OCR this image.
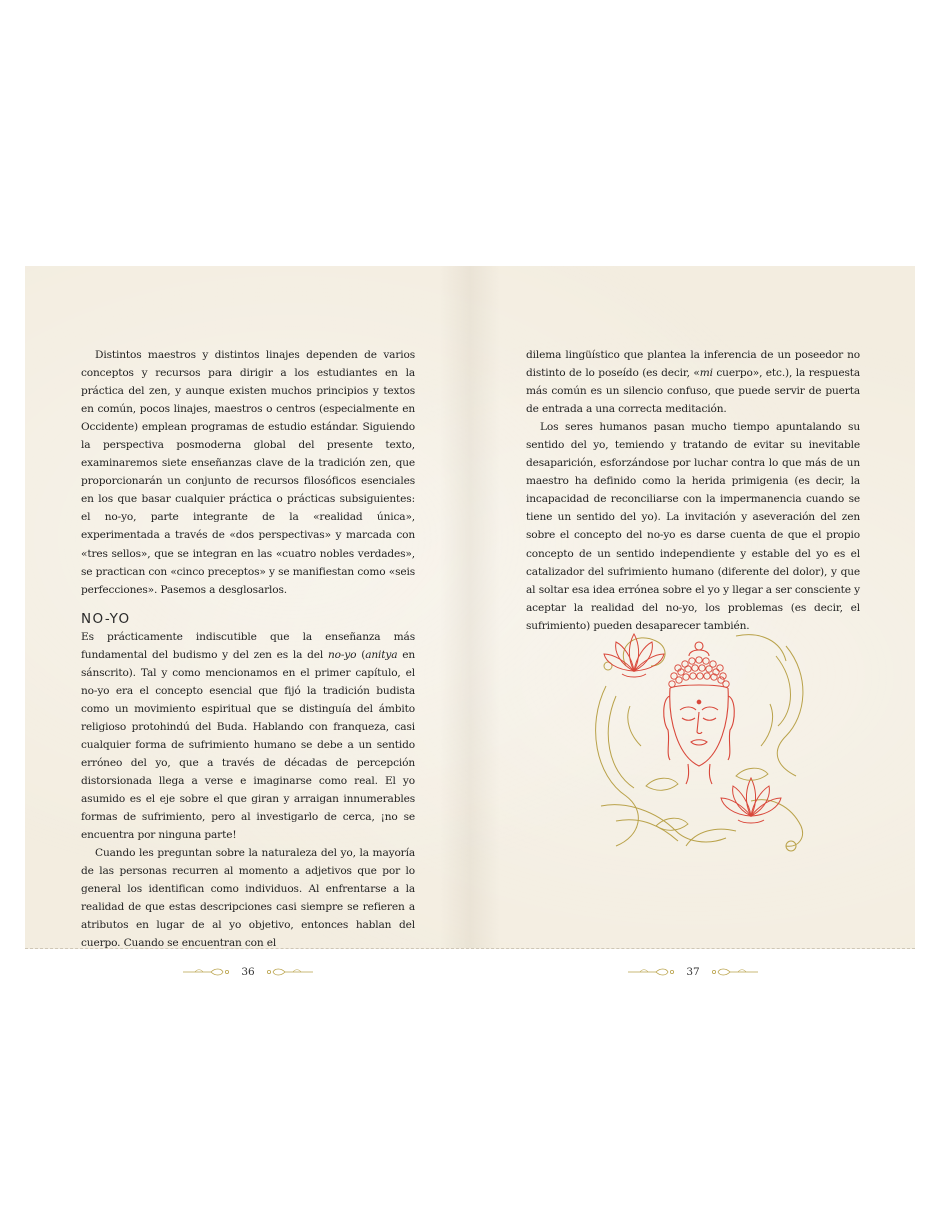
Distintos maestros y distintos linajes dependen de varios conceptos y recursos para dirigir a los estudiantes en la práctica del zen, y aunque existen muchos principios y textos en común, pocos linajes, maestros o centros (especialmente en Occidente) emplean programas de estudio estándar. Siguiendo la perspectiva posmoderna global del presente texto, examinaremos siete enseñanzas clave de la tradición zen, que proporcionarán un conjunto de recursos filosóficos esenciales en los que basar cualquier práctica o prácticas subsiguientes: el no-yo, parte integrante de la «realidad única», experimentada a través de «dos perspectivas» y marcada con «tres sellos», que se integran en las «cuatro nobles verdades», se practican con «cinco preceptos» y se manifiestan como «seis perfecciones». Pasemos a desglosarlos.

NO-YO

Es prácticamente indiscutible que la enseñanza más fundamental del budismo y del zen es la del no-yo (anitya en sánscrito). Tal y como mencionamos en el primer capítulo, el no-yo era el concepto esencial que fijó la tradición budista como un movimiento espiritual que se distinguía del ámbito religioso protohindú del Buda. Hablando con franqueza, casi cualquier forma de sufrimiento humano se debe a un sentido erróneo del yo, que a través de décadas de percepción distorsionada llega a verse e imaginarse como real. El yo asumido es el eje sobre el que giran y arraigan innumerables formas de sufrimiento, pero al investigarlo de cerca, ¡no se encuentra por ninguna parte!

Cuando les preguntan sobre la naturaleza del yo, la mayoría de las personas recurren al momento a adjetivos que por lo general los identifican como individuos. Al enfrentarse a la realidad de que estas descripciones casi siempre se refieren a atributos en lugar de al yo objetivo, entonces hablan del cuerpo. Cuando se encuentran con el

36

dilema lingüístico que plantea la inferencia de un poseedor no distinto de lo poseído (es decir, «mi cuerpo», etc.), la respuesta más común es un silencio confuso, que puede servir de puerta de entrada a una correcta meditación.

Los seres humanos pasan mucho tiempo apuntalando su sentido del yo, temiendo y tratando de evitar su inevitable desaparición, esforzándose por luchar contra lo que más de un maestro ha definido como la herida primigenia (es decir, la incapacidad de reconciliarse con la impermanencia cuando se tiene un sentido del yo). La invitación y aseveración del zen sobre el concepto del no-yo es darse cuenta de que el propio concepto de un sentido independiente y estable del yo es el catalizador del sufrimiento humano (diferente del dolor), y que al soltar esa idea errónea sobre el yo y llegar a ser consciente y aceptar la realidad del no-yo, los problemas (es decir, el sufrimiento) pueden desaparecer también.

37
